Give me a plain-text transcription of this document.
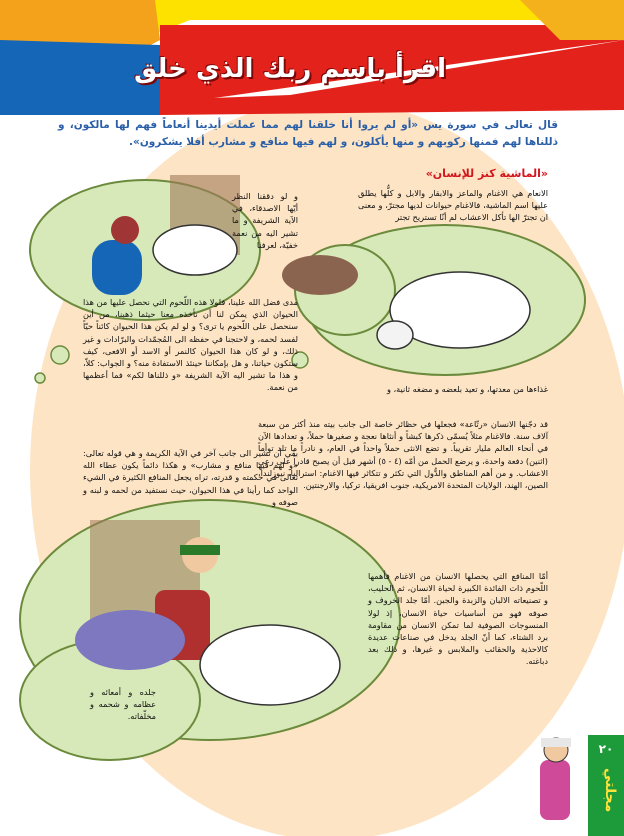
اقرأ باسم ربك الذي خلق
قال تعالى في سورة يس «أو لم يروا أنا خلقنا لهم مما عملت أيدينا أنعاماً فهم لها مالكون، و ذللناها لهم فمنها ركوبهم و منها يأكلون، و لهم فيها منافع و مشارب أفلا يشكرون».
«الماشية كنز للإنسان»
الانعام هي الاغنام والماعز والابقار والابل و كلُّها يطلق عليها اسم الماشية، فالاغنام حيوانات لديها مجترّ، و معنى ان تجترّ الها تأكل الاعشاب لم أنّا تستريح تجتر
غذاءها من معدتها، و تعيد بلعضه و مضغه ثانية، و
قد دجّنها الانسان «رتّاعة» فجعلها في حظائر خاصة الى جانب بيته منذ أكثر من سبعة آلاف سنة. فالاغنام مثلاً يُسمّى ذكرها كبشاً و أنثاها نعجة و صغيرها حملاً، و تعدادها الآن في أنحاء العالم مليار تقريباً. و تضع الانثى حملاً واحداً في العام، و نادراً ما تلد توأماً (اثنين) دفعة واحدة، و يرضع الحمل من أمّه (٤ - ٥) أشهر قبل أن يصبح قادراً على رعي الاعشاب. و من أهم المناطق والدُّول التي تكثر و تتكاثر فيها الاغنام: استراليا، نيوزلندا، الصين، الهند، الولايات المتحدة الامريكية، جنوب افريقيا، تركيا، والارجنتين.
و لو دققنا النظر أيّها الاصدقاء، في الآية الشريفة و ما تشير اليه من نعمة خفيّة، لعرفنا
مدى فضل الله علينا، فلولا هذه اللّحوم التي نحصل عليها من هذا الحيوان الذي يمكن لنا أن نأخذه معنا حيثما ذهبنا، من أين سنحصل على اللّحوم يا ترى؟ و لو لم يكن هذا الحيوان كائناً حيّاً لفسد لحمه، و لاحتجنا في حفظه الى المُجمّدات والبرّادات و غير ذلك، و لو كان هذا الحيوان كالنمر أو الاسد أو الافعى، كيف ستكون حياتنا، و هل بإمكاننا حينئذ الاستفادة منه؟ و الجواب: كلاّ، و هذا ما تشير اليه الآية الشريفة «و ذللناها لكم» فما أعظمها من نعمة.
بقي أن تشير الى جانب آخر في الآية الكريمة و هي قوله تعالى: «و لهم فيها منافع و مشارب» و هكذا دائماً يكون عطاء الله تعالى في حكمته و قدرته، تراه يجعل المنافع الكثيرة في الشيء الواحد كما رأينا في هذا الحيوان، حيث نستفيد من لحمه و لبنه و صوفه و
أمّا المنافع التي يحصلها الانسان من الاغنام فأهمها اللّحوم ذات الفائدة الكبيرة لحياة الانسان، ثم الحليب، و تصنيعاته الالبان والزبدة والجبن. أمّا جلد الخروف و صوفه فهو من أساسيات حياة الانسان، إذ لولا المنسوجات الصوفية لما تمكن الانسان من مقاومة برد الشتاء، كما أنّ الجلد يدخل في صناعات عديدة كالاحذية والحقائب والملابس و غيرها، و ذلك بعد دباغته.
جلده و أمعائه و عظامه و شحمه و مخلّفاته.
٢٠
مجلتي
